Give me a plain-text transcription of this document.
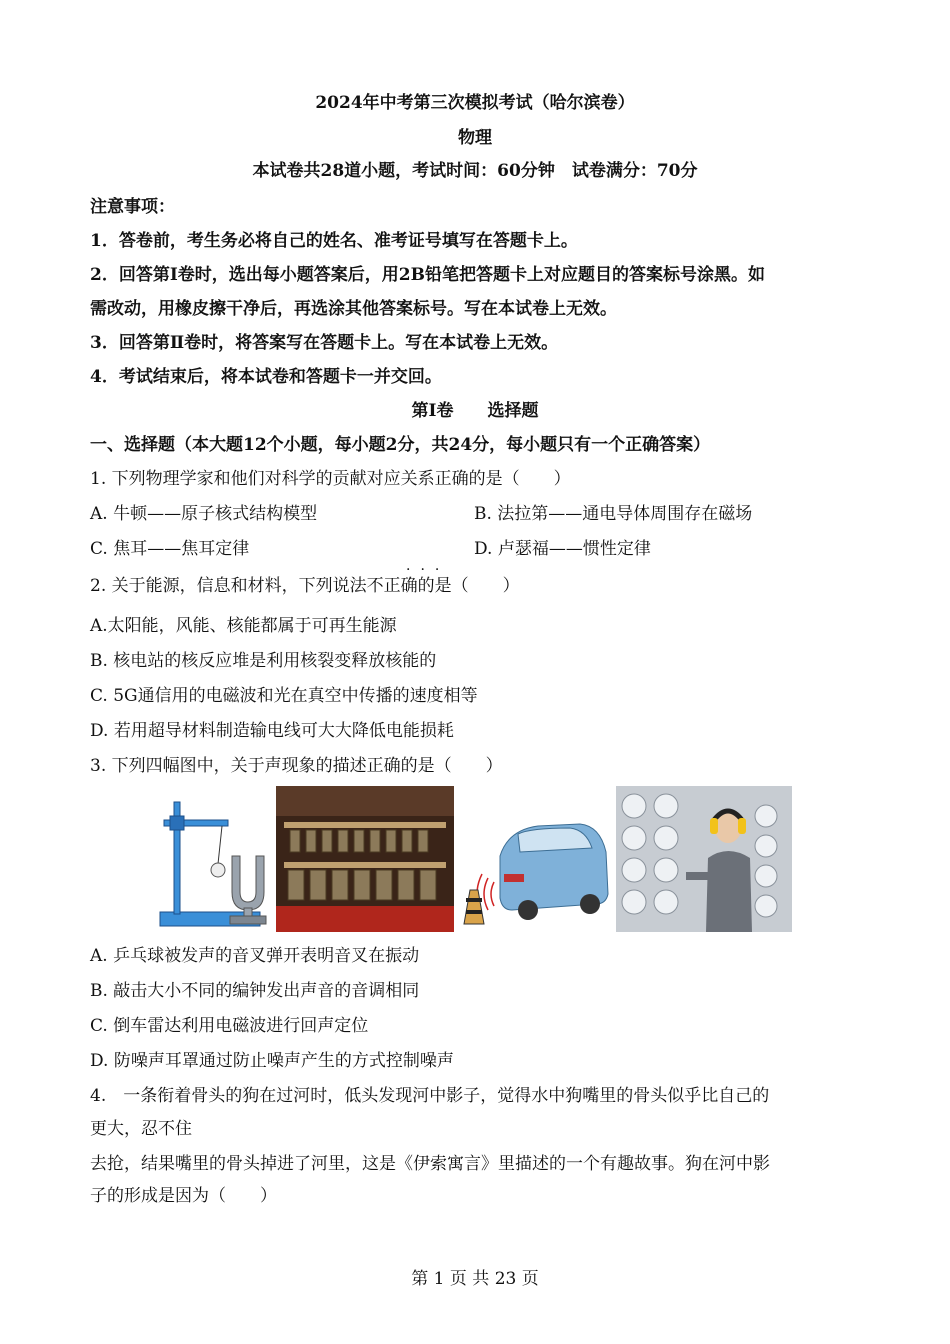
2024年中考第三次模拟考试（哈尔滨卷）
物理
本试卷共28道小题，考试时间：60分钟　试卷满分：70分
注意事项：
1．答卷前，考生务必将自己的姓名、准考证号填写在答题卡上。
2．回答第Ⅰ卷时，选出每小题答案后，用2B铅笔把答题卡上对应题目的答案标号涂黑。如
需改动，用橡皮擦干净后，再选涂其他答案标号。写在本试卷上无效。
3．回答第Ⅱ卷时，将答案写在答题卡上。写在本试卷上无效。
4．考试结束后，将本试卷和答题卡一并交回。
第Ⅰ卷　　选择题
一、选择题（本大题12个小题，每小题2分，共24分，每小题只有一个正确答案）
1. 下列物理学家和他们对科学的贡献对应关系正确的是（　　）
A. 牛顿——原子核式结构模型	B. 法拉第——通电导体周围存在磁场
C. 焦耳——焦耳定律	D. 卢瑟福——惯性定律
···
2. 关于能源，信息和材料，下列说法不正确的是（　　）
A.太阳能，风能、核能都属于可再生能源
B. 核电站的核反应堆是利用核裂变释放核能的
C. 5G通信用的电磁波和光在真空中传播的速度相等
D. 若用超导材料制造输电线可大大降低电能损耗
3. 下列四幅图中，关于声现象的描述正确的是（　　）
A. 乒乓球被发声的音叉弹开表明音叉在振动
B. 敲击大小不同的编钟发出声音的音调相同
C. 倒车雷达利用电磁波进行回声定位
D. 防噪声耳罩通过防止噪声产生的方式控制噪声
4.　一条衔着骨头的狗在过河时，低头发现河中影子，觉得水中狗嘴里的骨头似乎比自己的
更大，忍不住
去抢，结果嘴里的骨头掉进了河里，这是《伊索寓言》里描述的一个有趣故事。狗在河中影
子的形成是因为（　　）
第 1 页 共 23 页
